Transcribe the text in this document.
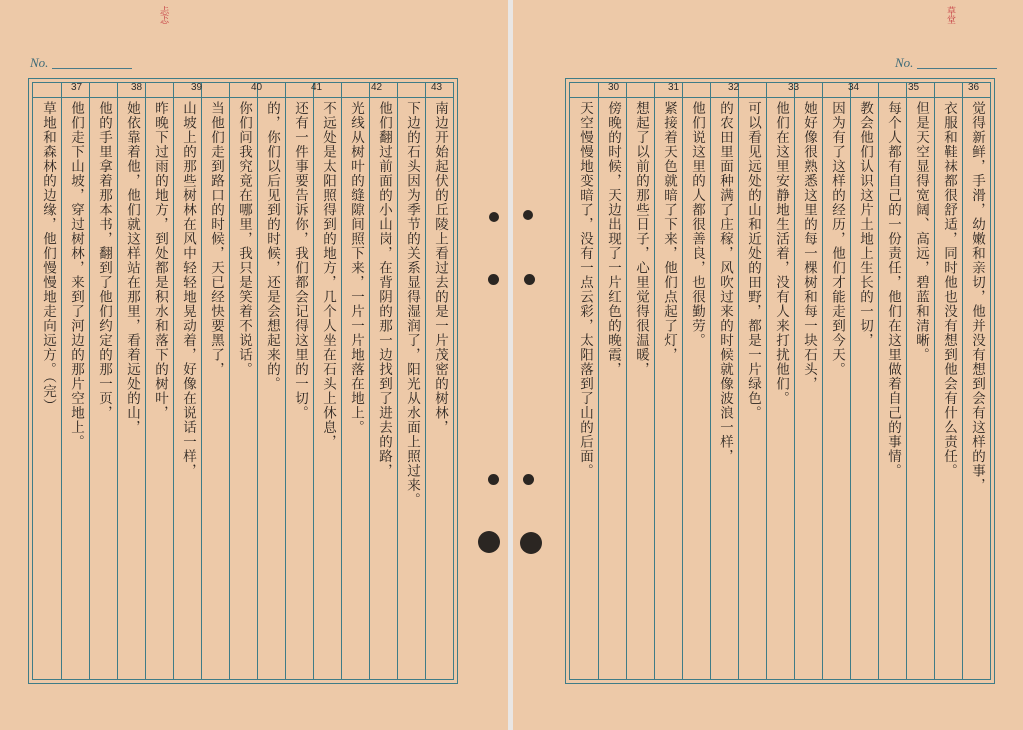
No.
忐忑
南边开始起伏的丘陵上看过去的是一片茂密的树林，
下边的石头因为季节的关系显得湿润了，阳光从水面上照过来。
他们翻过前面的小山岗，在背阴的那一边找到了进去的路，
光线从树叶的缝隙间照下来，一片一片地落在地上。
不远处是太阳照得到的地方，几个人坐在石头上休息，
还有一件事要告诉你，我们都会记得这里的一切。
的，你们以后见到的时候，还是会想起来的。
你们问我究竟在哪里，我只是笑着不说话。
当他们走到路口的时候，天已经快要黑了，
山坡上的那些树林在风中轻轻地晃动着，好像在说话一样，
昨晚下过雨的地方，到处都是积水和落下的树叶，
她依靠着他，他们就这样站在那里，看着远处的山，
他的手里拿着那本书，翻到了他们约定的那一页，
他们走下山坡，穿过树林，来到了河边的那片空地上。
草地和森林的边缘，他们慢慢地走向远方。（完）
43
42
41
40
39
38
37
No.
草堂
觉得新鲜，手滑，幼嫩和亲切，他并没有想到会有这样的事，
衣服和鞋袜都很舒适，同时他也没有想到他会有什么责任。
但是天空显得宽阔、高远，碧蓝和清晰。
每个人都有自己的一份责任，他们在这里做着自己的事情。
教会他们认识这片土地上生长的一切，
因为有了这样的经历，他们才能走到今天。
她好像很熟悉这里的每一棵树和每一块石头，
他们在这里安静地生活着，没有人来打扰他们。
可以看见远处的山和近处的田野，都是一片绿色。
的农田里面种满了庄稼，风吹过来的时候就像波浪一样，
他们说这里的人都很善良，也很勤劳。
紧接着天色就暗了下来，他们点起了灯，
想起了以前的那些日子，心里觉得很温暖，
傍晚的时候，天边出现了一片红色的晚霞，
天空慢慢地变暗了，没有一点云彩，太阳落到了山的后面。
36
35
34
33
32
31
30
